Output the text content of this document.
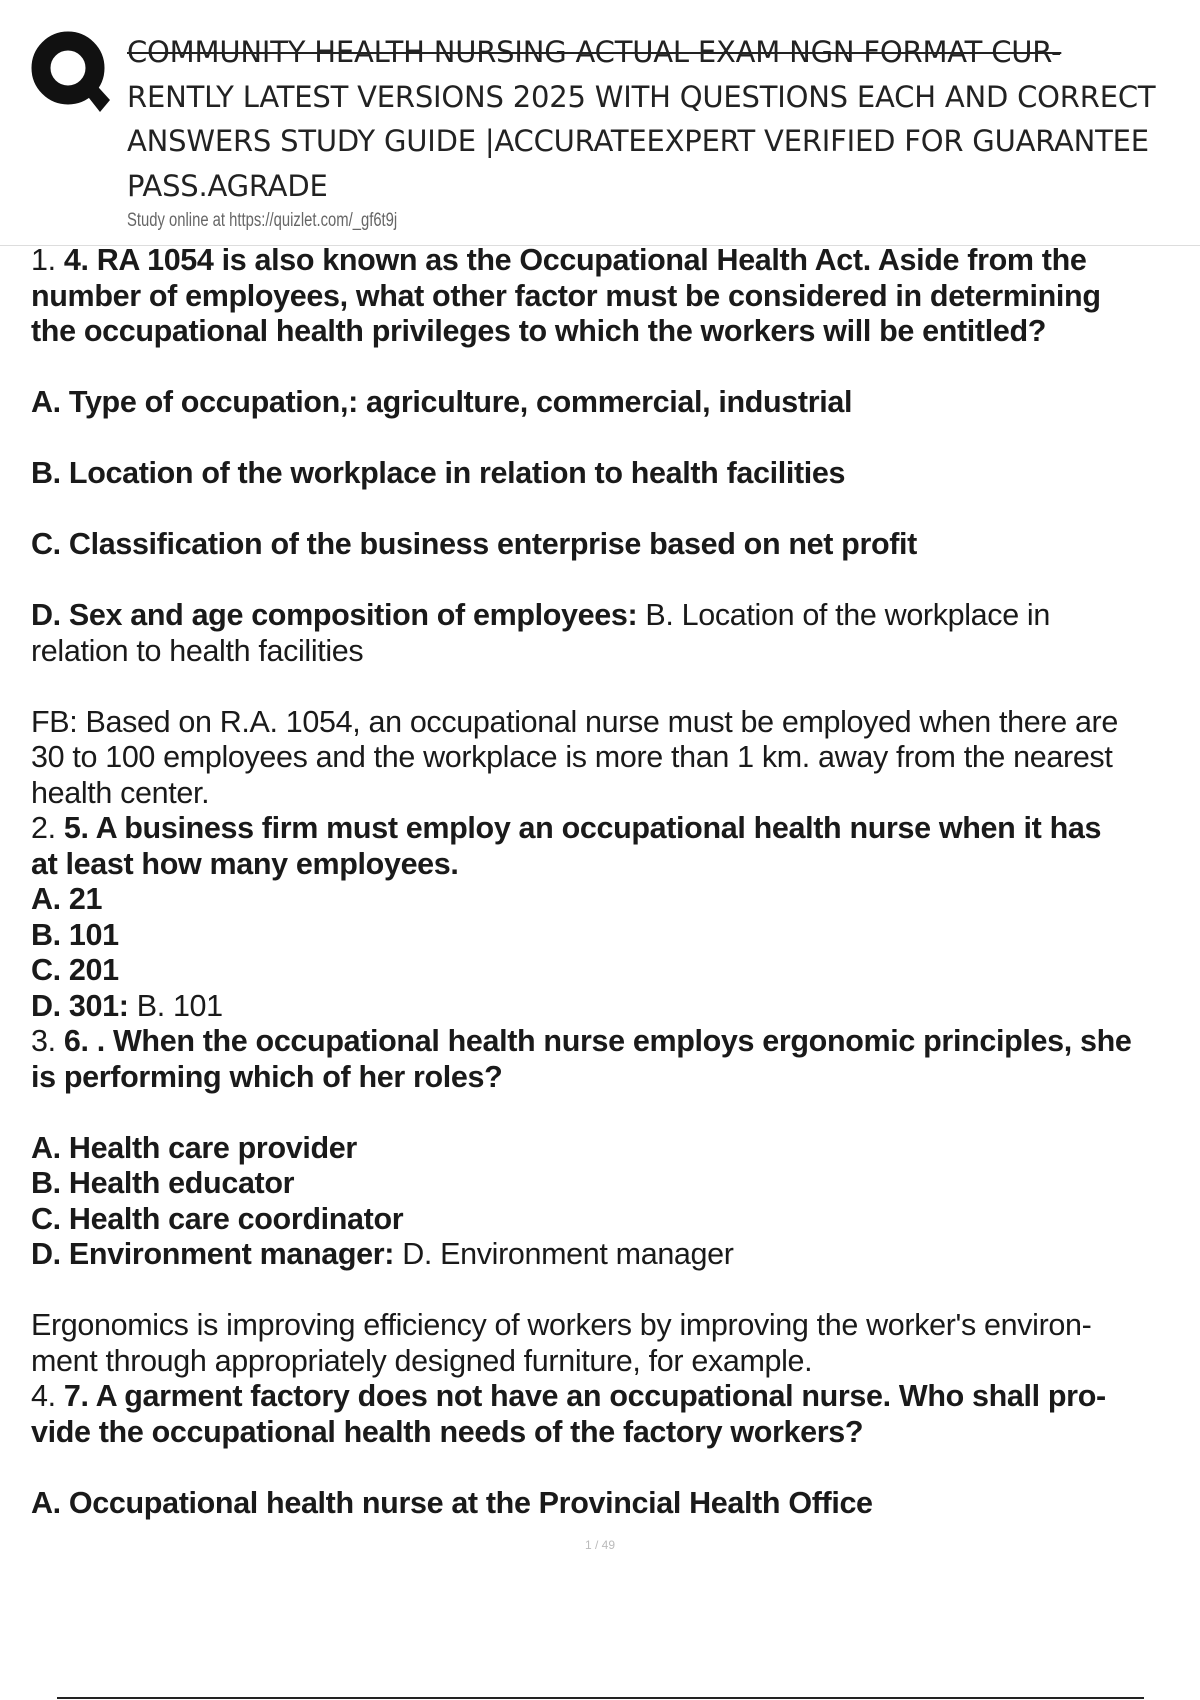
COMMUNITY HEALTH NURSING ACTUAL EXAM NGN FORMAT CUR-
RENTLY LATEST VERSIONS 2025 WITH QUESTIONS EACH AND CORRECT
ANSWERS STUDY GUIDE |ACCURATEEXPERT VERIFIED FOR GUARANTEE
PASS.AGRADE
Study online at https://quizlet.com/_gf6t9j
1. 4. RA 1054 is also known as the Occupational Health Act. Aside from the
number of employees, what other factor must be considered in determining
the occupational health privileges to which the workers will be entitled?
A. Type of occupation,: agriculture, commercial, industrial
B. Location of the workplace in relation to health facilities
C. Classification of the business enterprise based on net profit
D. Sex and age composition of employees: B. Location of the workplace in
relation to health facilities
FB: Based on R.A. 1054, an occupational nurse must be employed when there are
30 to 100 employees and the workplace is more than 1 km. away from the nearest
health center.
2. 5. A business firm must employ an occupational health nurse when it has
at least how many employees.
A. 21
B. 101
C. 201
D. 301: B. 101
3. 6. . When the occupational health nurse employs ergonomic principles, she
is performing which of her roles?
A. Health care provider
B. Health educator
C. Health care coordinator
D. Environment manager: D. Environment manager
Ergonomics is improving efficiency of workers by improving the worker's environ-
ment through appropriately designed furniture, for example.
4. 7. A garment factory does not have an occupational nurse. Who shall pro-
vide the occupational health needs of the factory workers?
A. Occupational health nurse at the Provincial Health Office
1 / 49
